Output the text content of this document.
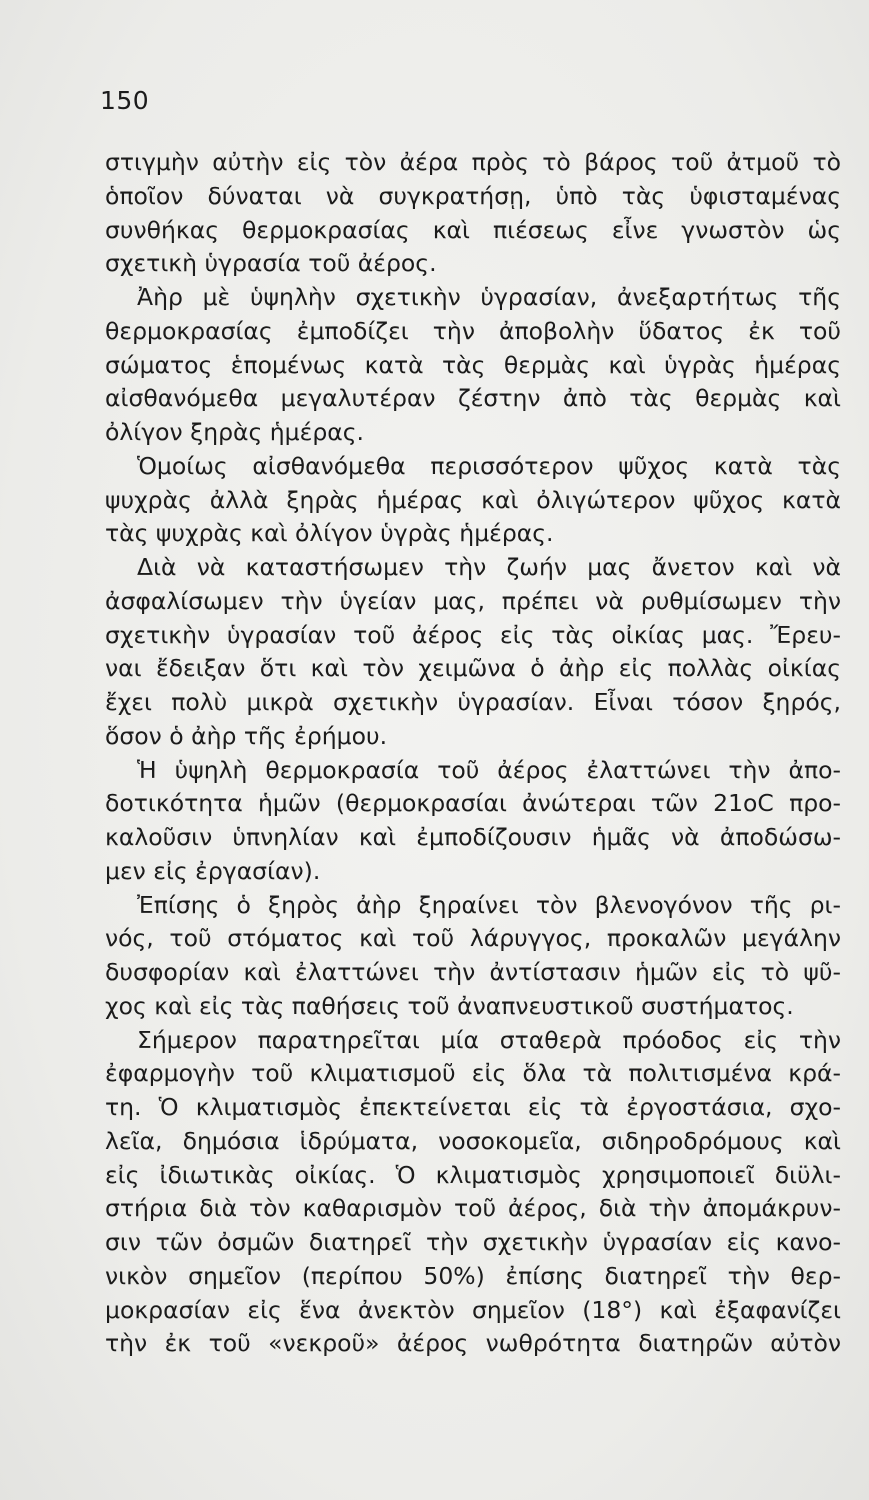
150
στιγμὴν αὐτὴν εἰς τὸν ἀέρα πρὸς τὸ βάρος τοῦ ἀτμοῦ τὸ
ὁποῖον δύναται νὰ συγκρατήσῃ, ὑπὸ τὰς ὑφισταμένας
συνθήκας θερμοκρασίας καὶ πιέσεως εἶνε γνωστὸν ὡς
σχετικὴ ὑγρασία τοῦ ἀέρος.
Ἀὴρ μὲ ὑψηλὴν σχετικὴν ὑγρασίαν, ἀνεξαρτήτως τῆς
θερμοκρασίας ἐμποδίζει τὴν ἀποβολὴν ὕδατος ἐκ τοῦ
σώματος ἑπομένως κατὰ τὰς θερμὰς καὶ ὑγρὰς ἡμέρας
αἰσθανόμεθα μεγαλυτέραν ζέστην ἀπὸ τὰς θερμὰς καὶ
ὀλίγον ξηρὰς ἡμέρας.
Ὁμοίως αἰσθανόμεθα περισσότερον ψῦχος κατὰ τὰς
ψυχρὰς ἀλλὰ ξηρὰς ἡμέρας καὶ ὀλιγώτερον ψῦχος κατὰ
τὰς ψυχρὰς καὶ ὀλίγον ὑγρὰς ἡμέρας.
Διὰ νὰ καταστήσωμεν τὴν ζωήν μας ἄνετον καὶ νὰ
ἀσφαλίσωμεν τὴν ὑγείαν μας, πρέπει νὰ ρυθμίσωμεν τὴν
σχετικὴν ὑγρασίαν τοῦ ἀέρος εἰς τὰς οἰκίας μας. Ἔρευ-
ναι ἔδειξαν ὅτι καὶ τὸν χειμῶνα ὁ ἀὴρ εἰς πολλὰς οἰκίας
ἔχει πολὺ μικρὰ σχετικὴν ὑγρασίαν. Εἶναι τόσον ξηρός,
ὅσον ὁ ἀὴρ τῆς ἐρήμου.
Ἡ ὑψηλὴ θερμοκρασία τοῦ ἀέρος ἐλαττώνει τὴν ἀπο-
δοτικότητα ἡμῶν (θερμοκρασίαι ἀνώτεραι τῶν 21οC προ-
καλοῦσιν ὑπνηλίαν καὶ ἐμποδίζουσιν ἡμᾶς νὰ ἀποδώσω-
μεν εἰς ἐργασίαν).
Ἐπίσης ὁ ξηρὸς ἀὴρ ξηραίνει τὸν βλενογόνον τῆς ρι-
νός, τοῦ στόματος καὶ τοῦ λάρυγγος, προκαλῶν μεγάλην
δυσφορίαν καὶ ἐλαττώνει τὴν ἀντίστασιν ἡμῶν εἰς τὸ ψῦ-
χος καὶ εἰς τὰς παθήσεις τοῦ ἀναπνευστικοῦ συστήματος.
Σήμερον παρατηρεῖται μία σταθερὰ πρόοδος εἰς τὴν
ἐφαρμογὴν τοῦ κλιματισμοῦ εἰς ὅλα τὰ πολιτισμένα κρά-
τη. Ὁ κλιματισμὸς ἐπεκτείνεται εἰς τὰ ἐργοστάσια, σχο-
λεῖα, δημόσια ἱδρύματα, νοσοκομεῖα, σιδηροδρόμους καὶ
εἰς ἰδιωτικὰς οἰκίας. Ὁ κλιματισμὸς χρησιμοποιεῖ διϋλι-
στήρια διὰ τὸν καθαρισμὸν τοῦ ἀέρος, διὰ τὴν ἀπομάκρυν-
σιν τῶν ὀσμῶν διατηρεῖ τὴν σχετικὴν ὑγρασίαν εἰς κανο-
νικὸν σημεῖον (περίπου 50%) ἐπίσης διατηρεῖ τὴν θερ-
μοκρασίαν εἰς ἕνα ἀνεκτὸν σημεῖον (18°) καὶ ἐξαφανίζει
τὴν ἐκ τοῦ «νεκροῦ» ἀέρος νωθρότητα διατηρῶν αὐτὸν
